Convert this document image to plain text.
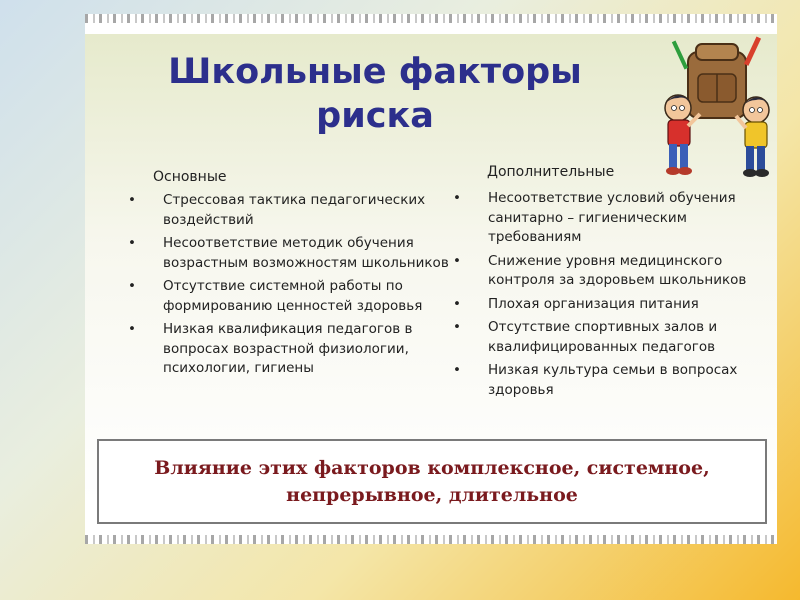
Школьные факторы риска
Основные
• Стрессовая тактика педагогических воздействий
• Несоответствие методик обучения возрастным возможностям школьников
• Отсутствие системной работы по формированию ценностей здоровья
• Низкая квалификация педагогов в вопросах возрастной физиологии, психологии, гигиены
Дополнительные
• Несоответствие условий обучения санитарно – гигиеническим требованиям
• Снижение уровня медицинского контроля за здоровьем школьников
• Плохая организация питания
• Отсутствие спортивных залов и квалифицированных педагогов
• Низкая культура семьи в вопросах здоровья
Влияние этих факторов комплексное, системное, непрерывное, длительное
